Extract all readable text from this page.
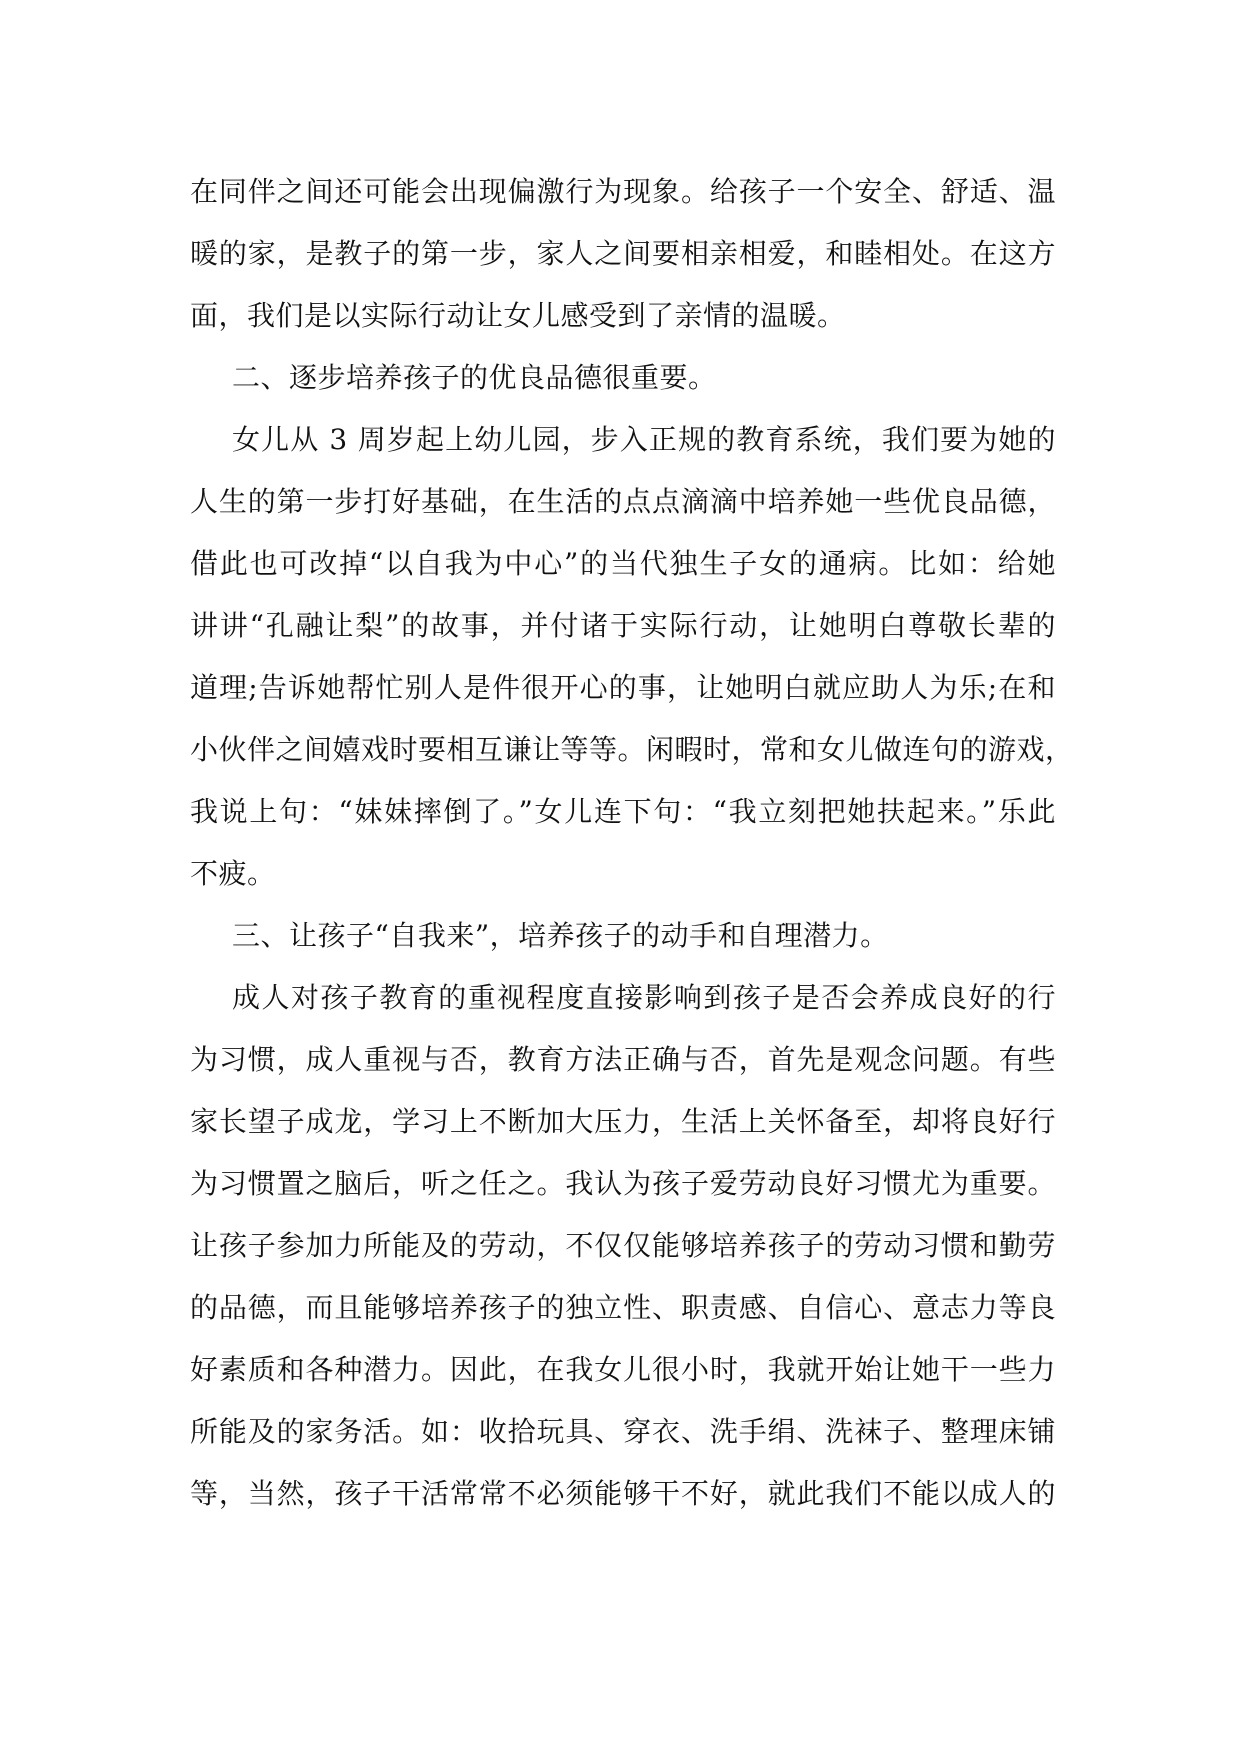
在同伴之间还可能会出现偏激行为现象。给孩子一个安全、舒适、温
暖的家，是教子的第一步，家人之间要相亲相爱，和睦相处。在这方
面，我们是以实际行动让女儿感受到了亲情的温暖。
二、逐步培养孩子的优良品德很重要。
女儿从 3 周岁起上幼儿园，步入正规的教育系统，我们要为她的
人生的第一步打好基础，在生活的点点滴滴中培养她一些优良品德，
借此也可改掉“以自我为中心”的当代独生子女的通病。比如：给她
讲讲“孔融让梨”的故事，并付诸于实际行动，让她明白尊敬长辈的
道理;告诉她帮忙别人是件很开心的事，让她明白就应助人为乐;在和
小伙伴之间嬉戏时要相互谦让等等。闲暇时，常和女儿做连句的游戏，
我说上句：“妹妹摔倒了。”女儿连下句：“我立刻把她扶起来。”乐此
不疲。
三、让孩子“自我来”，培养孩子的动手和自理潜力。
成人对孩子教育的重视程度直接影响到孩子是否会养成良好的行
为习惯，成人重视与否，教育方法正确与否，首先是观念问题。有些
家长望子成龙，学习上不断加大压力，生活上关怀备至，却将良好行
为习惯置之脑后，听之任之。我认为孩子爱劳动良好习惯尤为重要。
让孩子参加力所能及的劳动，不仅仅能够培养孩子的劳动习惯和勤劳
的品德，而且能够培养孩子的独立性、职责感、自信心、意志力等良
好素质和各种潜力。因此，在我女儿很小时，我就开始让她干一些力
所能及的家务活。如：收拾玩具、穿衣、洗手绢、洗袜子、整理床铺
等，当然，孩子干活常常不必须能够干不好，就此我们不能以成人的
